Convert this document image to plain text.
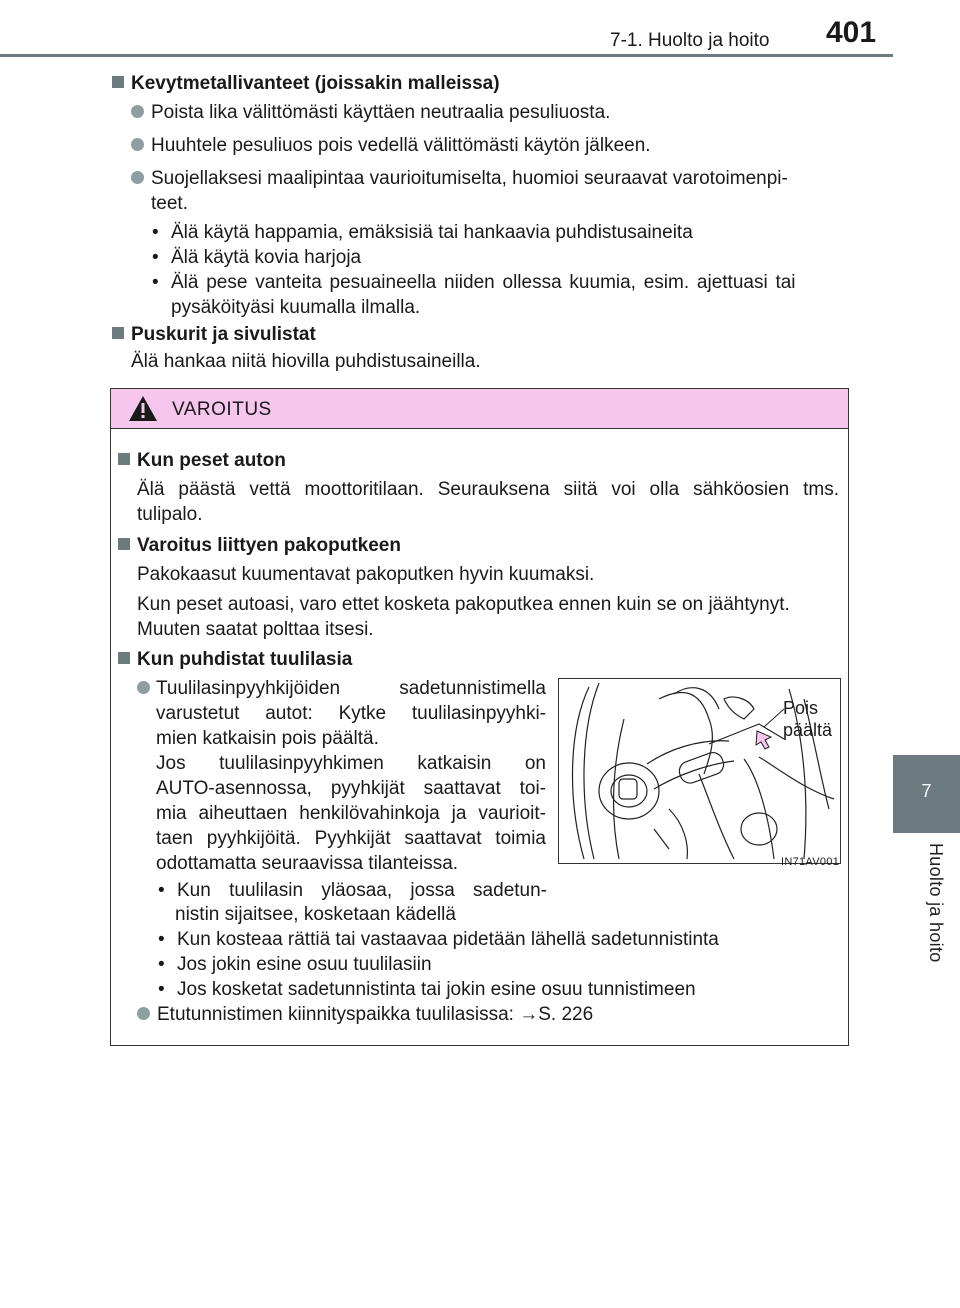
7-1. Huolto ja hoito 401
7
Huolto ja hoito
Kevytmetallivanteet (joissakin malleissa)
Poista lika välittömästi käyttäen neutraalia pesuliuosta.
Huuhtele pesuliuos pois vedellä välittömästi käytön jälkeen.
Suojellaksesi maalipintaa vaurioitumiselta, huomioi seuraavat varotoimenpi-
teet.
• Älä käytä happamia, emäksisiä tai hankaavia puhdistusaineita
• Älä käytä kovia harjoja
• Älä pese vanteita pesuaineella niiden ollessa kuumia, esim. ajettuasi tai
pysäköityäsi kuumalla ilmalla.
Puskurit ja sivulistat
Älä hankaa niitä hiovilla puhdistusaineilla.
VAROITUS
Kun peset auton
Älä päästä vettä moottoritilaan. Seurauksena siitä voi olla sähköosien tms.
tulipalo.
Varoitus liittyen pakoputkeen
Pakokaasut kuumentavat pakoputken hyvin kuumaksi.
Kun peset autoasi, varo ettet kosketa pakoputkea ennen kuin se on jäähtynyt.
Muuten saatat polttaa itsesi.
Kun puhdistat tuulilasia
Tuulilasinpyyhkijöiden sadetunnistimella
varustetut autot: Kytke tuulilasinpyyhki-
mien katkaisin pois päältä.
Jos tuulilasinpyyhkimen katkaisin on
AUTO-asennossa, pyyhkijät saattavat toi-
mia aiheuttaen henkilövahinkoja ja vaurioit-
taen pyyhkijöitä. Pyyhkijät saattavat toimia
odottamatta seuraavissa tilanteissa.
Pois
päältä
IN71AV001
• Kun tuulilasin yläosaa, jossa sadetun-
nistin sijaitsee, kosketaan kädellä
• Kun kosteaa rättiä tai vastaavaa pidetään lähellä sadetunnistinta
• Jos jokin esine osuu tuulilasiin
• Jos kosketat sadetunnistinta tai jokin esine osuu tunnistimeen
Etutunnistimen kiinnityspaikka tuulilasissa: →S. 226
